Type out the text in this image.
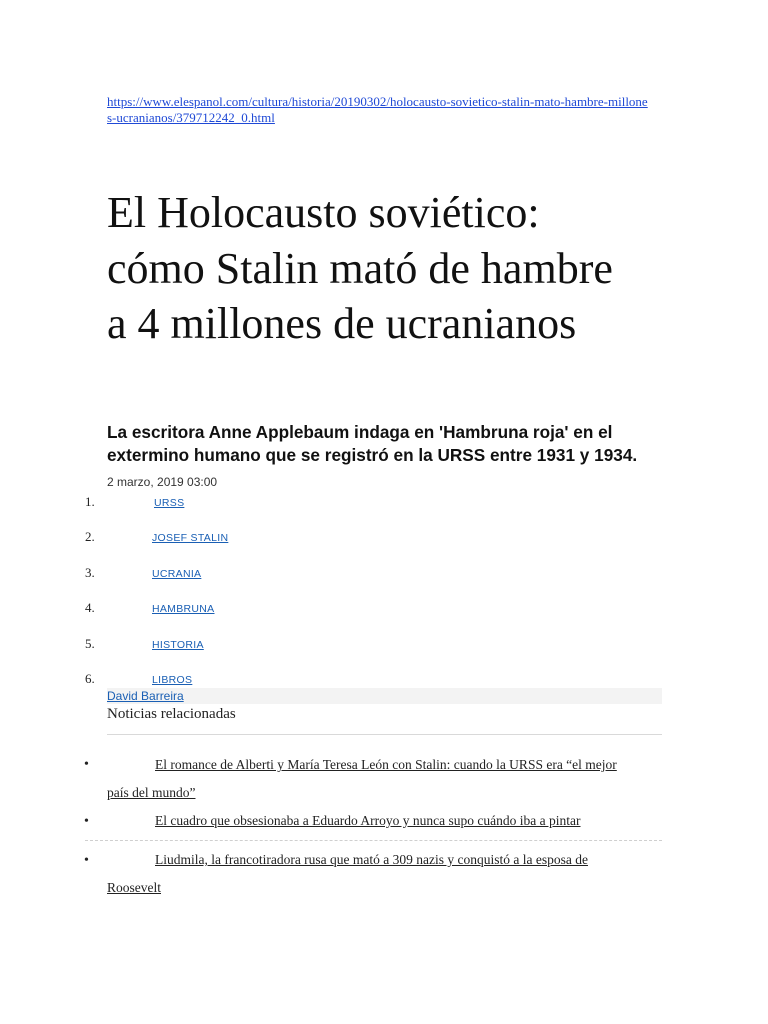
https://www.elespanol.com/cultura/historia/20190302/holocausto-sovietico-stalin-mato-hambre-millones-ucranianos/379712242_0.html
El Holocausto soviético: cómo Stalin mató de hambre a 4 millones de ucranianos

La escritora Anne Applebaum indaga en 'Hambruna roja' en el extermino humano que se registró en la URSS entre 1931 y 1934.

2 marzo, 2019 03:00
1.	URSS
2.	JOSEF STALIN
3.	UCRANIA
4.	HAMBRUNA
5.	HISTORIA
6.	LIBROS
David Barreira
Noticias relacionadas
•	El romance de Alberti y María Teresa León con Stalin: cuando la URSS era “el mejor
país del mundo”
•	El cuadro que obsesionaba a Eduardo Arroyo y nunca supo cuándo iba a pintar
•	Liudmila, la francotiradora rusa que mató a 309 nazis y conquistó a la esposa de
Roosevelt
